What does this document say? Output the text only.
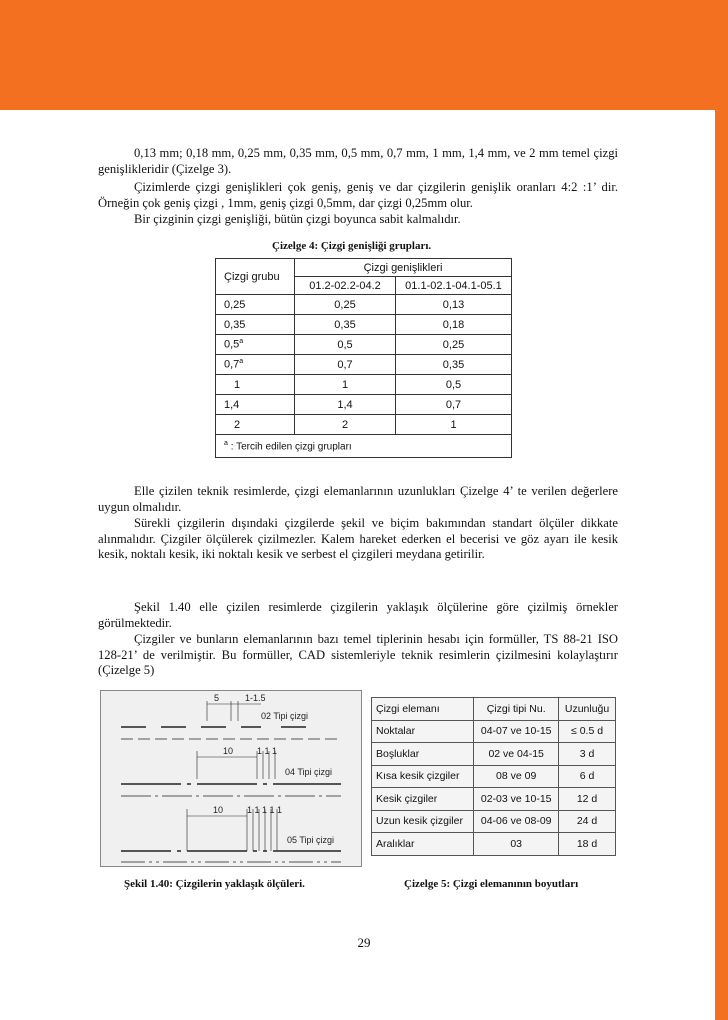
0,13 mm; 0,18 mm, 0,25 mm, 0,35 mm, 0,5 mm, 0,7 mm, 1 mm, 1,4 mm, ve 2 mm temel çizgi genişlikleridir (Çizelge 3).

Çizimlerde çizgi genişlikleri çok geniş, geniş ve dar çizgilerin genişlik oranları 4:2 :1’ dir. Örneğin çok geniş çizgi , 1mm, geniş çizgi 0,5mm, dar çizgi 0,25mm olur.

Bir çizginin çizgi genişliği, bütün çizgi boyunca sabit kalmalıdır.

Çizelge 4: Çizgi genişliği grupları.
Çizgi grubu	Çizgi genişlikleri	
	01.2-02.2-04.2	01.1-02.1-04.1-05.1
0,25	0,25	0,13
0,35	0,35	0,18
0,5$^a$	0,5	0,25
0,7$^a$	0,7	0,35
1	1	0,5
1,4	1,4	0,7
2	2	1
$^a$ : Tercih edilen çizgi grupları		

Elle çizilen teknik resimlerde, çizgi elemanlarının uzunlukları Çizelge 4’ te verilen değerlere uygun olmalıdır.

Sürekli çizgilerin dışındaki çizgilerde şekil ve biçim bakımından standart ölçüler dikkate alınmalıdır. Çizgiler ölçülerek çizilmezler. Kalem hareket ederken el becerisi ve göz ayarı ile kesik kesik, noktalı kesik, iki noktalı kesik ve serbest el çizgileri meydana getirilir.

Şekil 1.40 elle çizilen resimlerde çizgilerin yaklaşık ölçülerine göre çizilmiş örnekler görülmektedir.

Çizgiler ve bunların elemanlarının bazı temel tiplerinin hesabı için formüller, TS 88-21 ISO 128-21’ de verilmiştir. Bu formüller, CAD sistemleriyle teknik resimlerin çizilmesini kolaylaştırır (Çizelge 5)

5	1-1.5
02 Tipi çizgi
10	1 1 1
04 Tipi çizgi
10	1 1 1 1 1
05 Tipi çizgi
Çizgi elemanı	Çizgi tipi Nu.	Uzunluğu
Noktalar	04-07 ve 10-15	≤ 0.5 d
Boşluklar	02 ve 04-15	3 d
Kısa kesik çizgiler	08 ve 09	6 d
Kesik çizgiler	02-03 ve 10-15	12 d
Uzun kesik çizgiler	04-06 ve 08-09	24 d
Aralıklar	03	18 d
Şekil 1.40: Çizgilerin yaklaşık ölçüleri.	Çizelge 5: Çizgi elemanının boyutları
29
